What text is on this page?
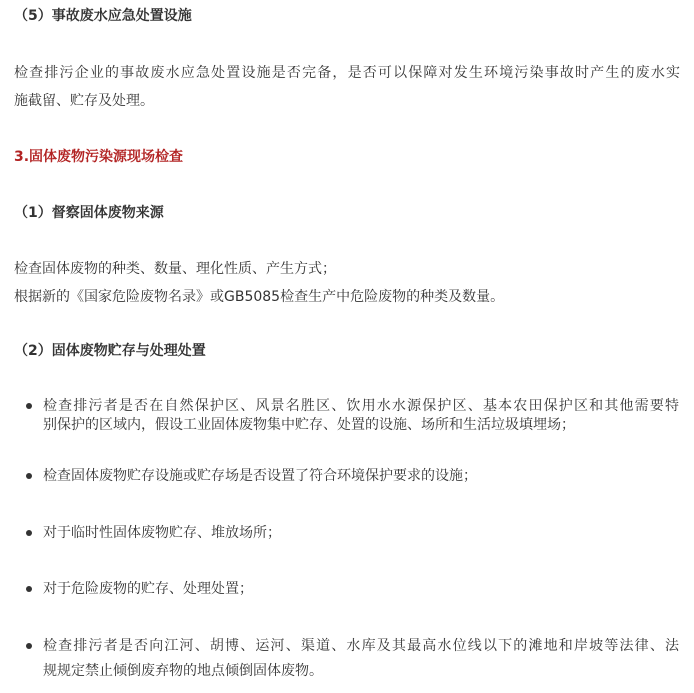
（5）事故废水应急处置设施
检查排污企业的事故废水应急处置设施是否完备，是否可以保障对发生环境污染事故时产生的废水实
施截留、贮存及处理。
3.固体废物污染源现场检查
（1）督察固体废物来源
检查固体废物的种类、数量、理化性质、产生方式；
根据新的《国家危险废物名录》或GB5085检查生产中危险废物的种类及数量。
（2）固体废物贮存与处理处置
检查排污者是否在自然保护区、风景名胜区、饮用水水源保护区、基本农田保护区和其他需要特
别保护的区域内，假设工业固体废物集中贮存、处置的设施、场所和生活垃圾填埋场；
检查固体废物贮存设施或贮存场是否设置了符合环境保护要求的设施；
对于临时性固体废物贮存、堆放场所；
对于危险废物的贮存、处理处置；
检查排污者是否向江河、胡博、运河、渠道、水库及其最高水位线以下的滩地和岸坡等法律、法
规规定禁止倾倒废弃物的地点倾倒固体废物。
